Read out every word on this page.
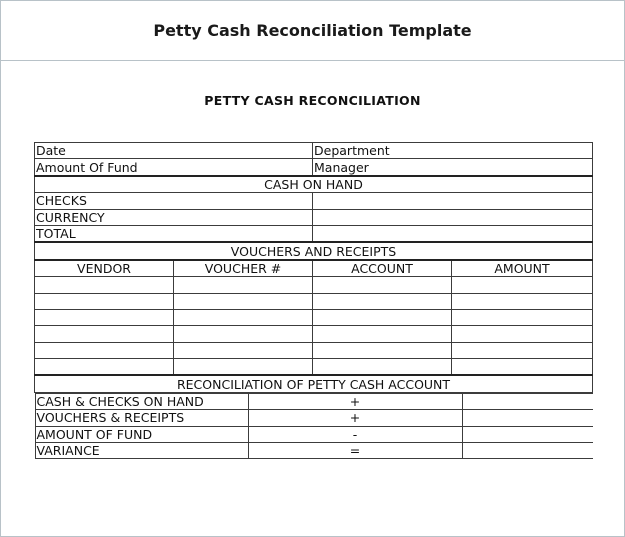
Petty Cash Reconciliation Template
PETTY CASH RECONCILIATION
Date	Department
Amount Of Fund	Manager
CASH ON HAND
CHECKS	
CURRENCY	
TOTAL	
VOUCHERS AND RECEIPTS
VENDOR	VOUCHER #	ACCOUNT	AMOUNT

RECONCILIATION OF PETTY CASH ACCOUNT

CASH & CHECKS ON HAND	+	
VOUCHERS & RECEIPTS	+	
AMOUNT OF FUND	-	
VARIANCE	=	
